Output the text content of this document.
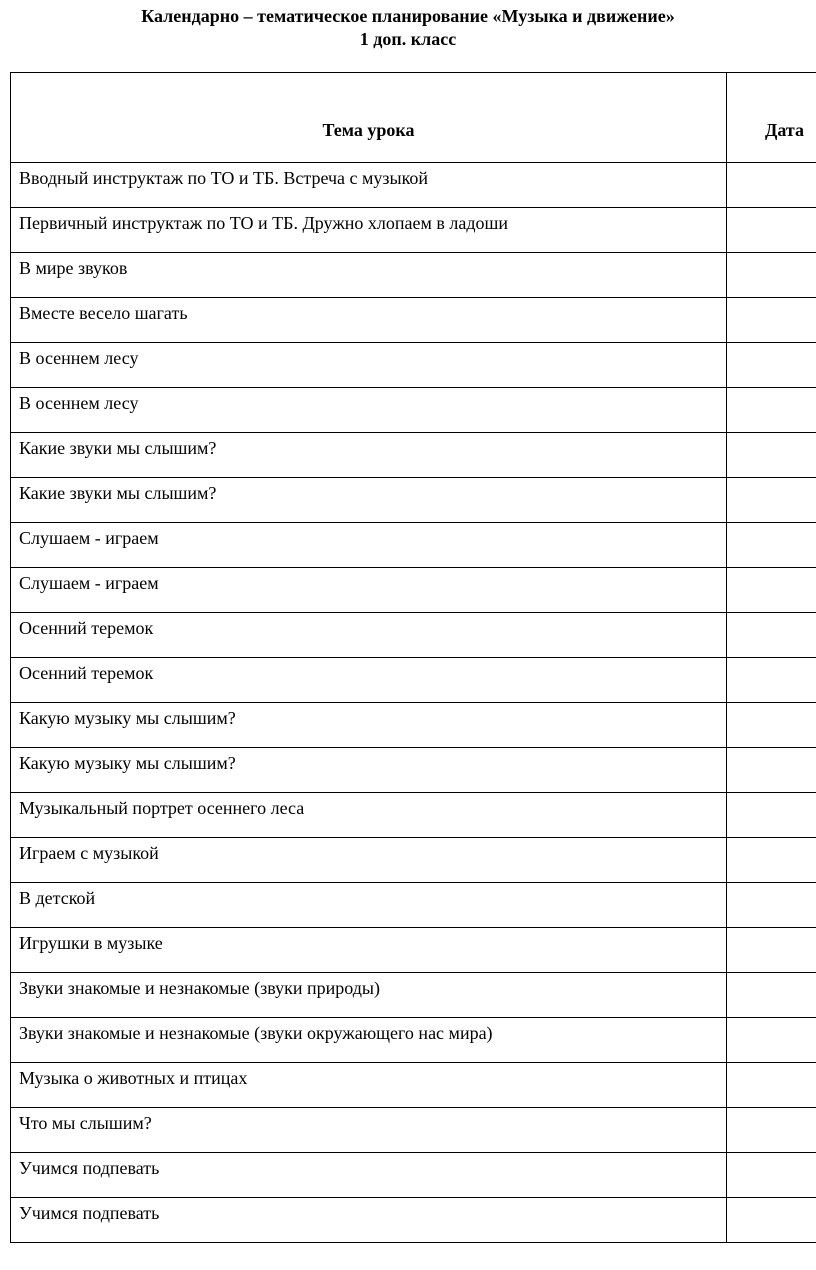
Календарно – тематическое планирование «Музыка и движение»
1 доп. класс
Тема урока	Дата
Вводный инструктаж по ТО и ТБ. Встреча с музыкой	
Первичный инструктаж по ТО и ТБ. Дружно хлопаем в ладоши	
В мире звуков	
Вместе весело шагать	
В осеннем лесу	
В осеннем лесу	
Какие звуки мы слышим?	
Какие звуки мы слышим?	
Слушаем - играем	
Слушаем - играем	
Осенний теремок	
Осенний теремок	
Какую музыку мы слышим?	
Какую музыку мы слышим?	
Музыкальный портрет осеннего леса	
Играем с музыкой	
В детской	
Игрушки в музыке	
Звуки знакомые и незнакомые (звуки природы)	
Звуки знакомые и незнакомые (звуки окружающего нас мира)	
Музыка о животных и птицах	
Что мы слышим?	
Учимся подпевать	
Учимся подпевать	
